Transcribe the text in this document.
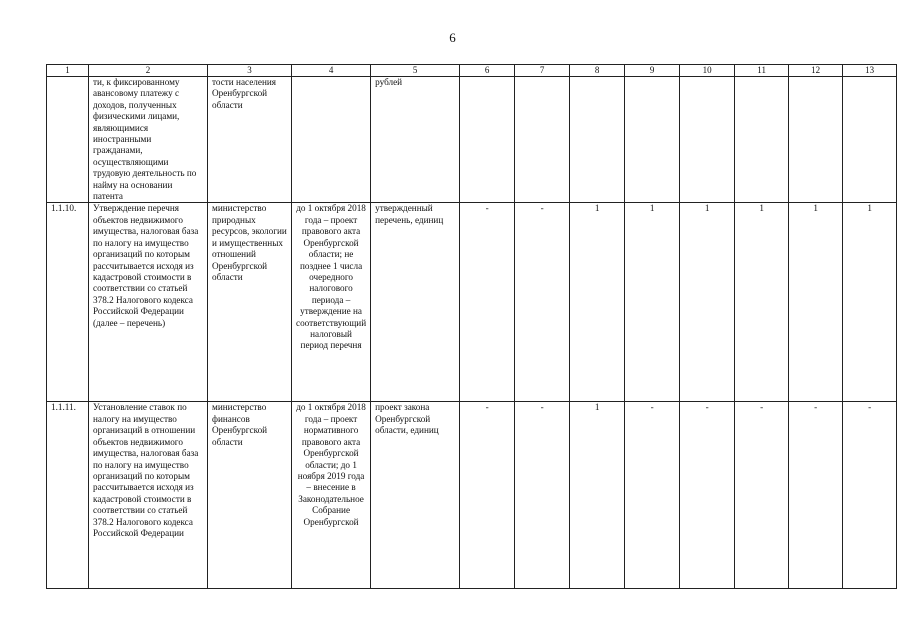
6
1	2	3	4	5	6	7	8	9	10	11	12	13
	ти, к фиксированному авансовому платежу с доходов, полученных физическими лицами, являющимися иностранными гражданами, осуществляющими трудовую деятельность по найму на основании патента	тости населения Оренбургской области		рублей								
1.1.10.	Утверждение перечня объектов недвижимого имущества, налоговая база по налогу на имущество организаций по которым рассчитывается исходя из кадастровой стоимости в соответствии со статьей 378.2 Налогового кодекса Российской Федерации (далее – перечень)	министерство природных ресурсов, экологии и имущественных отношений Оренбургской области	до 1 октября 2018 года – проект правового акта Оренбургской области; не позднее 1 числа очередного налогового периода – утверждение на соответствующий налоговый период перечня	утвержденный перечень, единиц	-	-	1	1	1	1	1	1
1.1.11.	Установление ставок по налогу на имущество организаций в отношении объектов недвижимого имущества, налоговая база по налогу на имущество организаций по которым рассчитывается исходя из кадастровой стоимости в соответствии со статьей 378.2 Налогового кодекса Российской Федерации	министерство финансов Оренбургской области	до 1 октября 2018 года – проект нормативного правового акта Оренбургской области; до 1 ноября 2019 года – внесение в Законодательное Собрание Оренбургской	проект закона Оренбургской области, единиц	-	-	1	-	-	-	-	-
